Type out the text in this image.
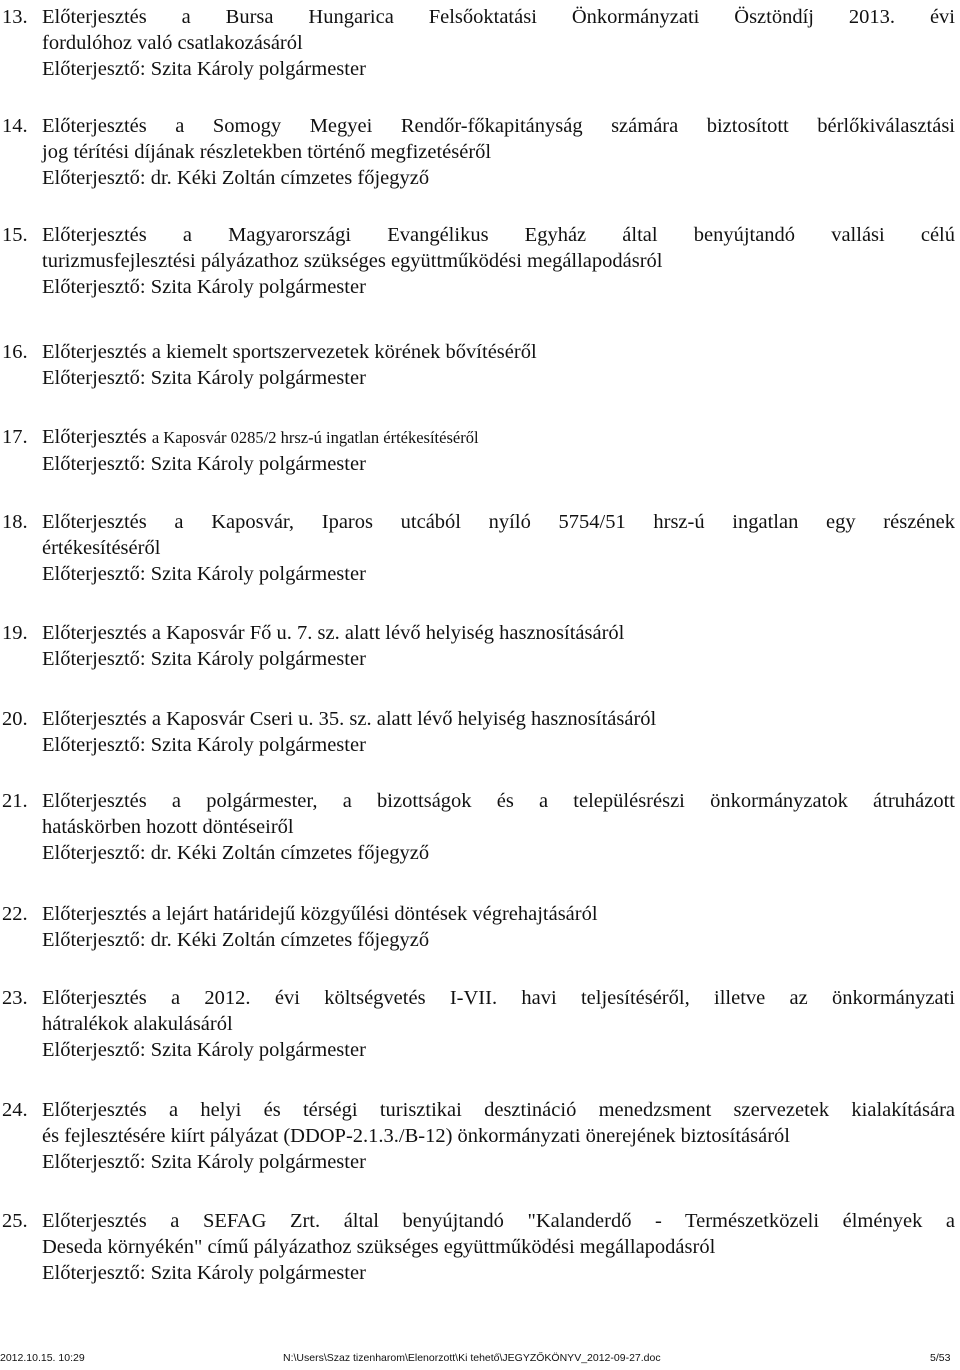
13. Előterjesztés a Bursa Hungarica Felsőoktatási Önkormányzati Ösztöndíj 2013. évi
fordulóhoz való csatlakozásáról
Előterjesztő: Szita Károly polgármester
14. Előterjesztés a Somogy Megyei Rendőr-főkapitányság számára biztosított bérlőkiválasztási
jog térítési díjának részletekben történő megfizetéséről
Előterjesztő: dr. Kéki Zoltán címzetes főjegyző
15. Előterjesztés a Magyarországi Evangélikus Egyház által benyújtandó vallási célú
turizmusfejlesztési pályázathoz szükséges együttműködési megállapodásról
Előterjesztő: Szita Károly polgármester
16. Előterjesztés a kiemelt sportszervezetek körének bővítéséről
Előterjesztő: Szita Károly polgármester
17. Előterjesztés a Kaposvár 0285/2 hrsz-ú ingatlan értékesítéséről
Előterjesztő: Szita Károly polgármester
18. Előterjesztés a Kaposvár, Iparos utcából nyíló 5754/51 hrsz-ú ingatlan egy részének
értékesítéséről
Előterjesztő: Szita Károly polgármester
19. Előterjesztés a Kaposvár Fő u. 7. sz. alatt lévő helyiség hasznosításáról
Előterjesztő: Szita Károly polgármester
20. Előterjesztés a Kaposvár Cseri u. 35. sz. alatt lévő helyiség hasznosításáról
Előterjesztő: Szita Károly polgármester
21. Előterjesztés a polgármester, a bizottságok és a településrészi önkormányzatok átruházott
hatáskörben hozott döntéseiről
Előterjesztő: dr. Kéki Zoltán címzetes főjegyző
22. Előterjesztés a lejárt határidejű közgyűlési döntések végrehajtásáról
Előterjesztő: dr. Kéki Zoltán címzetes főjegyző
23. Előterjesztés a 2012. évi költségvetés I-VII. havi teljesítéséről, illetve az önkormányzati
hátralékok alakulásáról
Előterjesztő: Szita Károly polgármester
24. Előterjesztés a helyi és térségi turisztikai desztináció menedzsment szervezetek kialakítására
és fejlesztésére kiírt pályázat (DDOP-2.1.3./B-12) önkormányzati önerejének biztosításáról
Előterjesztő: Szita Károly polgármester
25. Előterjesztés a SEFAG Zrt. által benyújtandó "Kalanderdő - Természetközeli élmények a
Deseda környékén" című pályázathoz szükséges együttműködési megállapodásról
Előterjesztő: Szita Károly polgármester
2012.10.15. 10:29	N:\Users\Szaz tizenharom\Elenorzott\Ki tehető\JEGYZŐKÖNYV_2012-09-27.doc	5/53
